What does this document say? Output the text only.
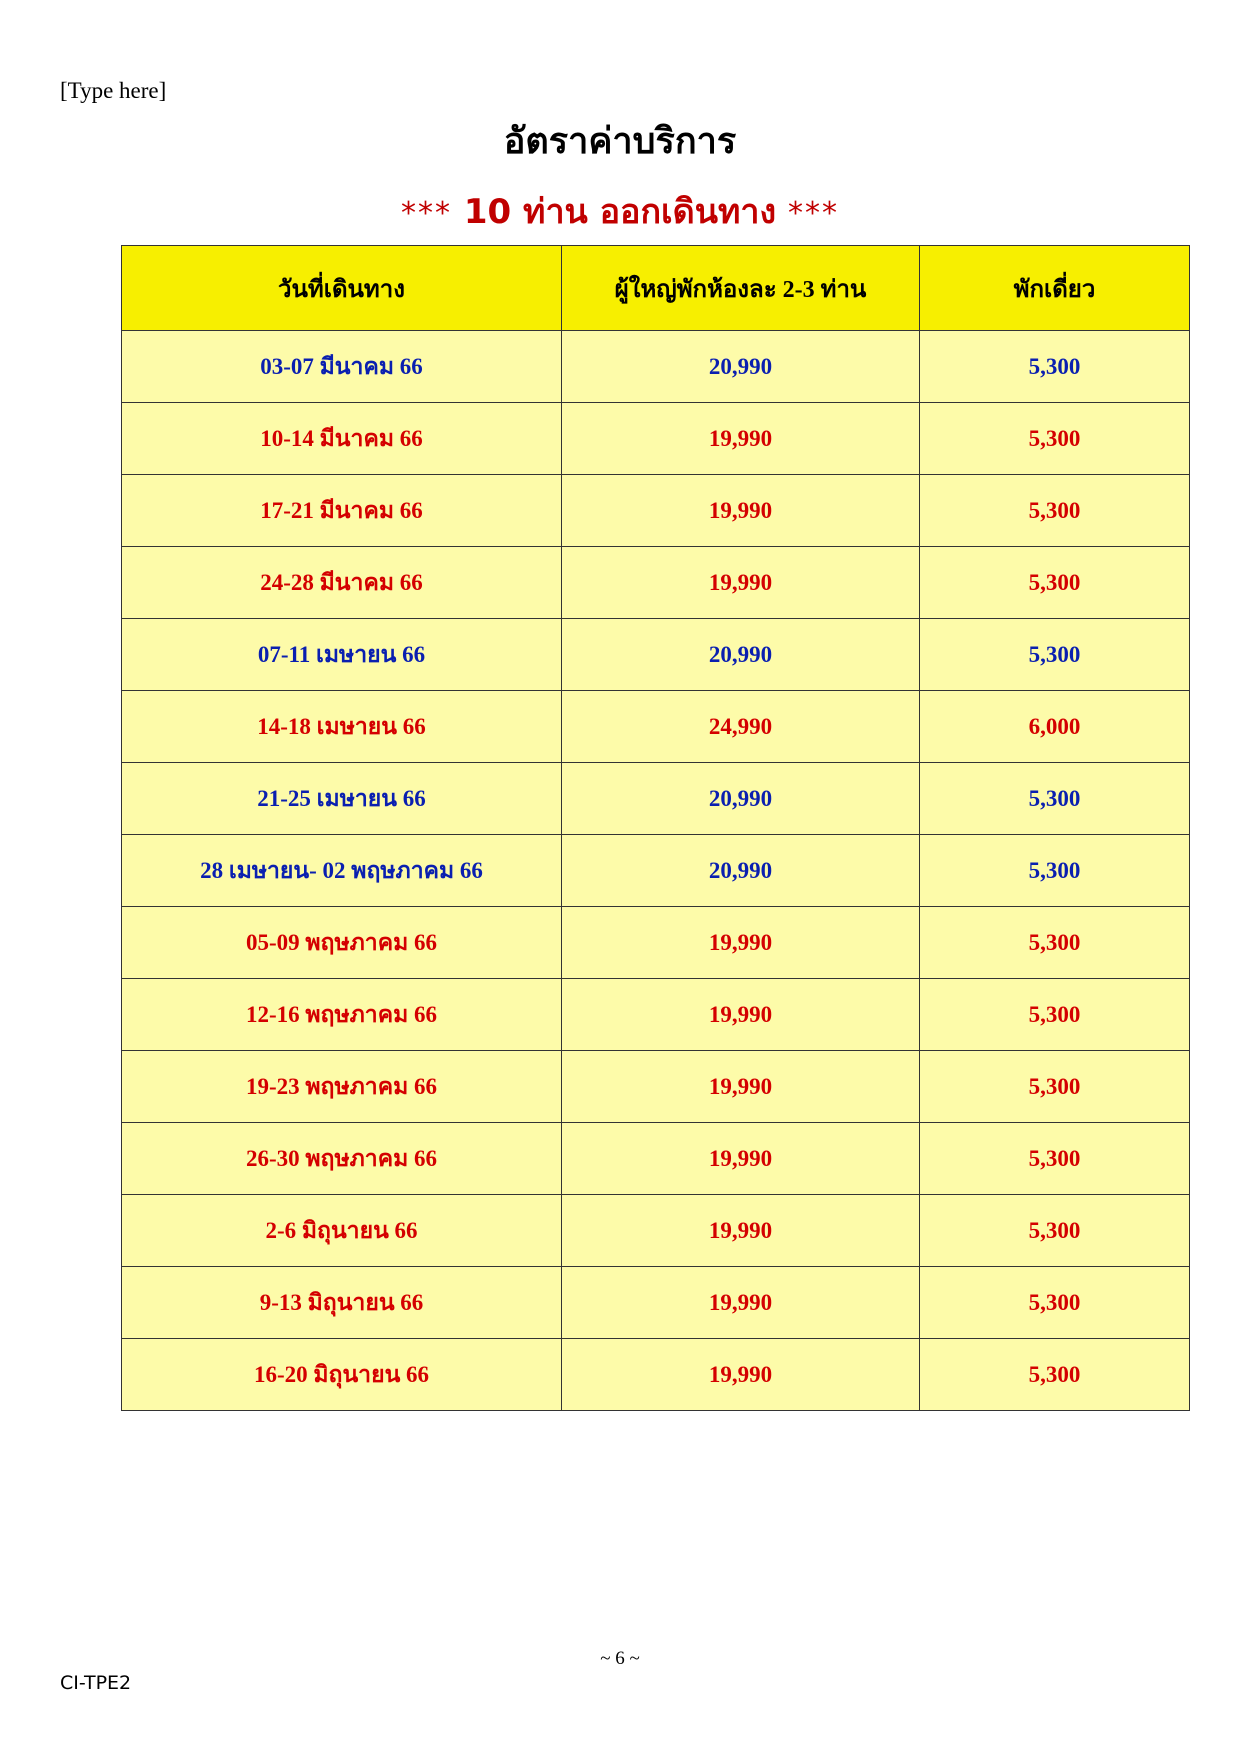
[Type here]
อัตราค่าบริการ
*** 10 ท่าน ออกเดินทาง ***
วันที่เดินทาง	ผู้ใหญ่พักห้องละ 2-3 ท่าน	พักเดี่ยว
03-07 มีนาคม 66	20,990	5,300
10-14 มีนาคม 66	19,990	5,300
17-21 มีนาคม 66	19,990	5,300
24-28 มีนาคม 66	19,990	5,300
07-11 เมษายน 66	20,990	5,300
14-18 เมษายน 66	24,990	6,000
21-25 เมษายน 66	20,990	5,300
28 เมษายน- 02 พฤษภาคม 66	20,990	5,300
05-09 พฤษภาคม 66	19,990	5,300
12-16 พฤษภาคม 66	19,990	5,300
19-23 พฤษภาคม 66	19,990	5,300
26-30 พฤษภาคม 66	19,990	5,300
2-6 มิถุนายน 66	19,990	5,300
9-13 มิถุนายน 66	19,990	5,300
16-20 มิถุนายน 66	19,990	5,300
~ 6 ~
CI-TPE2
